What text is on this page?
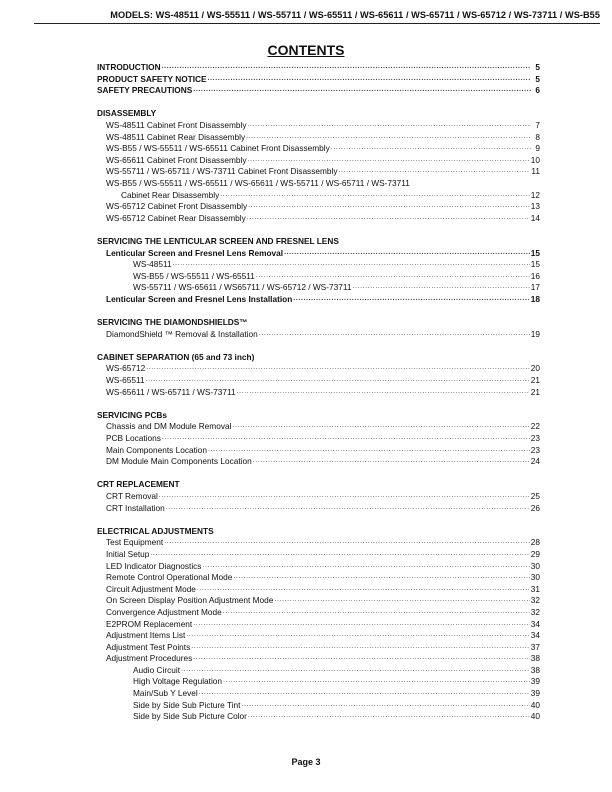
MODELS: WS-48511 / WS-55511 / WS-55711 / WS-65511 / WS-65611 / WS-65711 / WS-65712 / WS-73711 / WS-B55
CONTENTS
INTRODUCTION .....	5
PRODUCT SAFETY NOTICE .....	5
SAFETY PRECAUTIONS .....	6
DISASSEMBLY
WS-48511 Cabinet Front Disassembly .....	7
WS-48511 Cabinet Rear Disassembly .....	8
WS-B55 / WS-55511 / WS-65511 Cabinet Front Disassembly .....	9
WS-65611 Cabinet Front Disassembly .....	10
WS-55711 / WS-65711 / WS-73711 Cabinet Front Disassembly .....	11
WS-B55 / WS-55511 / WS-65511 / WS-65611 / WS-55711 / WS-65711 / WS-73711
Cabinet Rear Disassembly .....	12
WS-65712 Cabinet Front Disassembly .....	13
WS-65712 Cabinet Rear Disassembly .....	14
SERVICING THE LENTICULAR SCREEN AND FRESNEL LENS
Lenticular Screen and Fresnel Lens Removal .....	15
WS-48511 .....	15
WS-B55 / WS-55511 / WS-65511 .....	16
WS-55711 / WS-65611 / WS65711 / WS-65712 / WS-73711 .....	17
Lenticular Screen and Fresnel Lens Installation .....	18
SERVICING THE DIAMONDSHIELDS™
DiamondShield ™ Removal & Installation .....	19
CABINET SEPARATION (65 and 73 inch)
WS-65712 .....	20
WS-65511 .....	21
WS-65611 / WS-65711 / WS-73711 .....	21
SERVICING PCBs
Chassis and DM Module Removal .....	22
PCB Locations .....	23
Main Components Location .....	23
DM Module Main Components Location .....	24
CRT REPLACEMENT
CRT Removal .....	25
CRT Installation .....	26
ELECTRICAL ADJUSTMENTS
Test Equipment .....	28
Initial Setup .....	29
LED Indicator Diagnostics .....	30
Remote Control Operational Mode .....	30
Circuit Adjustment Mode .....	31
On Screen Display Position Adjustment Mode .....	32
Convergence Adjustment Mode .....	32
E2PROM Replacement .....	34
Adjustment Items List .....	34
Adjustment Test Points .....	37
Adjustment Procedures .....	38
Audio Circuit .....	38
High Voltage Regulation .....	39
Main/Sub Y Level .....	39
Side by Side Sub Picture Tint .....	40
Side by Side Sub Picture Color .....	40
Page 3
